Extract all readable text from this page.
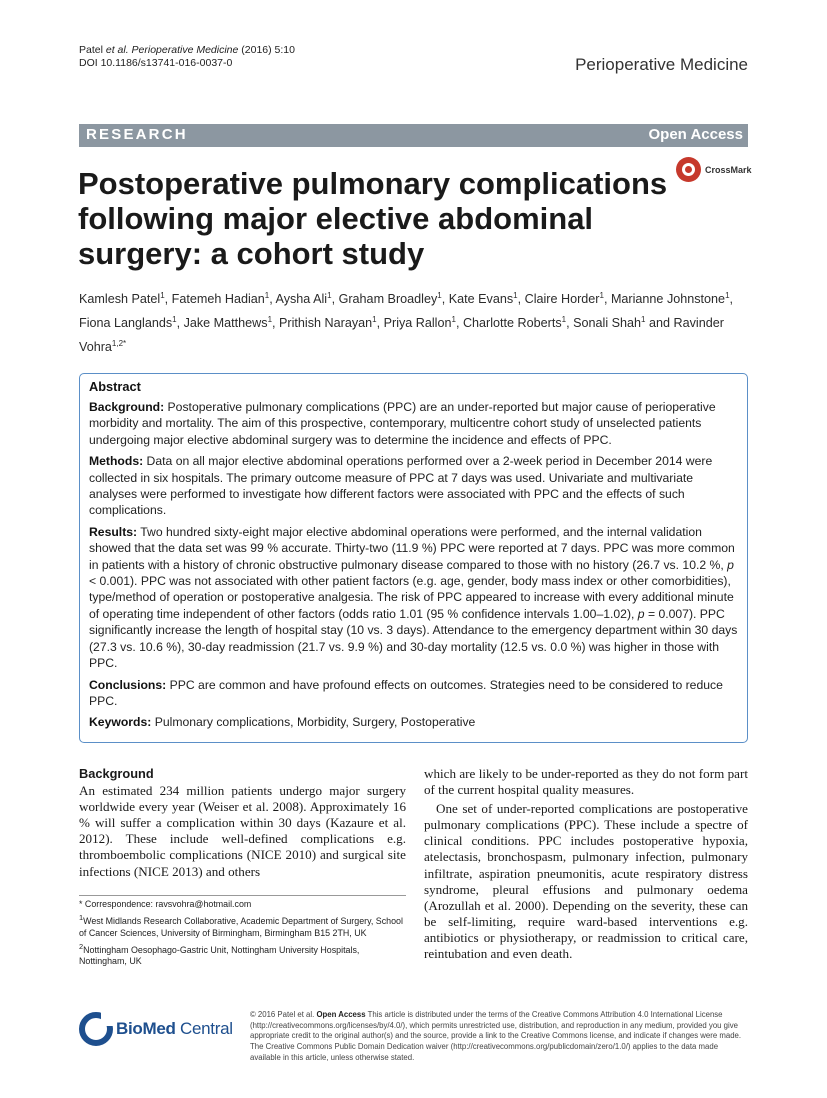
Patel et al. Perioperative Medicine (2016) 5:10
DOI 10.1186/s13741-016-0037-0	Perioperative Medicine
RESEARCH	Open Access
CrossMark
Postoperative pulmonary complications following major elective abdominal surgery: a cohort study
Kamlesh Patel$^1$, Fatemeh Hadian$^1$, Aysha Ali$^1$, Graham Broadley$^1$, Kate Evans$^1$, Claire Horder$^1$, Marianne Johnstone$^1$, Fiona Langlands$^1$, Jake Matthews$^1$, Prithish Narayan$^1$, Priya Rallon$^1$, Charlotte Roberts$^1$, Sonali Shah$^1$ and Ravinder Vohra$^{1,2*}$
Abstract

Background: Postoperative pulmonary complications (PPC) are an under-reported but major cause of perioperative morbidity and mortality. The aim of this prospective, contemporary, multicentre cohort study of unselected patients undergoing major elective abdominal surgery was to determine the incidence and effects of PPC.

Methods: Data on all major elective abdominal operations performed over a 2-week period in December 2014 were collected in six hospitals. The primary outcome measure of PPC at 7 days was used. Univariate and multivariate analyses were performed to investigate how different factors were associated with PPC and the effects of such complications.

Results: Two hundred sixty-eight major elective abdominal operations were performed, and the internal validation showed that the data set was 99 % accurate. Thirty-two (11.9 %) PPC were reported at 7 days. PPC was more common in patients with a history of chronic obstructive pulmonary disease compared to those with no history (26.7 vs. 10.2 %, p < 0.001). PPC was not associated with other patient factors (e.g. age, gender, body mass index or other comorbidities), type/method of operation or postoperative analgesia. The risk of PPC appeared to increase with every additional minute of operating time independent of other factors (odds ratio 1.01 (95 % confidence intervals 1.00–1.02), p = 0.007). PPC significantly increase the length of hospital stay (10 vs. 3 days). Attendance to the emergency department within 30 days (27.3 vs. 10.6 %), 30-day readmission (21.7 vs. 9.9 %) and 30-day mortality (12.5 vs. 0.0 %) was higher in those with PPC.

Conclusions: PPC are common and have profound effects on outcomes. Strategies need to be considered to reduce PPC.

Keywords: Pulmonary complications, Morbidity, Surgery, Postoperative

Background

An estimated 234 million patients undergo major surgery worldwide every year (Weiser et al. 2008). Approximately 16 % will suffer a complication within 30 days (Kazaure et al. 2012). These include well-defined complications e.g. thromboembolic complications (NICE 2010) and surgical site infections (NICE 2013) and others

which are likely to be under-reported as they do not form part of the current hospital quality measures.

One set of under-reported complications are postoperative pulmonary complications (PPC). These include a spectre of clinical conditions. PPC includes postoperative hypoxia, atelectasis, bronchospasm, pulmonary infection, pulmonary infiltrate, aspiration pneumonitis, acute respiratory distress syndrome, pleural effusions and pulmonary oedema (Arozullah et al. 2000). Depending on the severity, these can be self-limiting, require ward-based interventions e.g. antibiotics or physiotherapy, or readmission to critical care, reintubation and even death.

* Correspondence: ravsvohra@hotmail.com

$^1$West Midlands Research Collaborative, Academic Department of Surgery, School of Cancer Sciences, University of Birmingham, Birmingham B15 2TH, UK

$^2$Nottingham Oesophago-Gastric Unit, Nottingham University Hospitals, Nottingham, UK

BioMed Central
© 2016 Patel et al. Open Access This article is distributed under the terms of the Creative Commons Attribution 4.0 International License (http://creativecommons.org/licenses/by/4.0/), which permits unrestricted use, distribution, and reproduction in any medium, provided you give appropriate credit to the original author(s) and the source, provide a link to the Creative Commons license, and indicate if changes were made. The Creative Commons Public Domain Dedication waiver (http://creativecommons.org/publicdomain/zero/1.0/) applies to the data made available in this article, unless otherwise stated.
